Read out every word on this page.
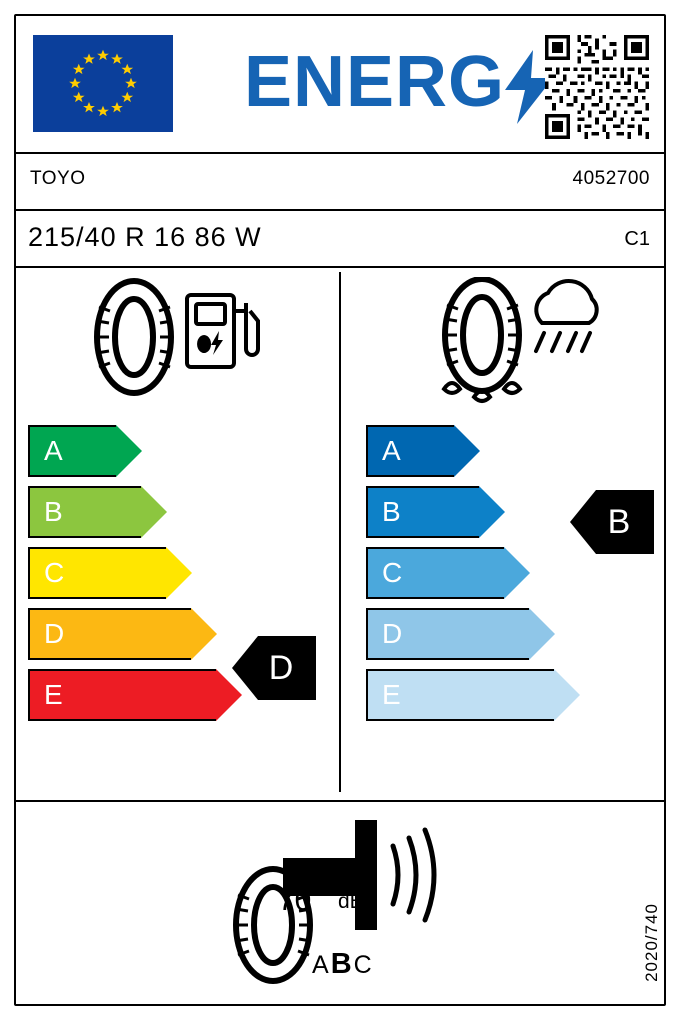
ENERG
TOYO	4052700
215/40 R 16 86 W	C1
A
B
C
D
E
D
A
B
C
D
E
B
70 dB
ABC	2020/740
